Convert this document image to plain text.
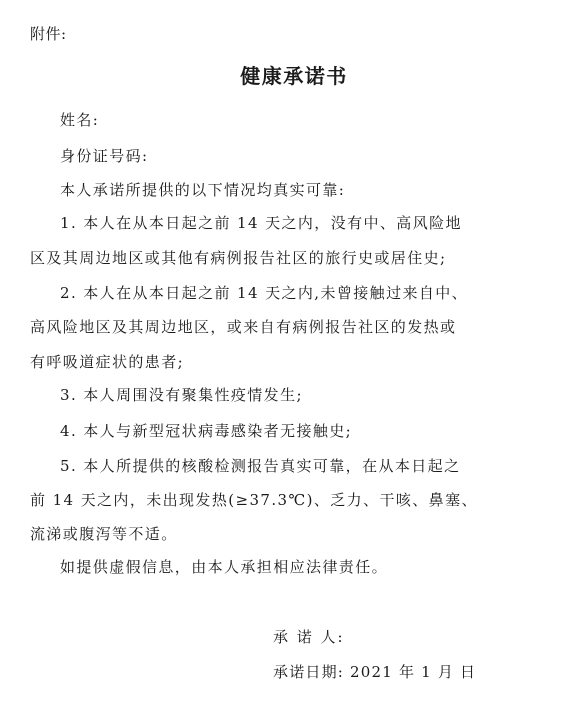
附件:
健康承诺书
姓名:
身份证号码:
本人承诺所提供的以下情况均真实可靠:
1. 本人在从本日起之前 14 天之内，没有中、高风险地
区及其周边地区或其他有病例报告社区的旅行史或居住史;
2. 本人在从本日起之前 14 天之内,未曾接触过来自中、
高风险地区及其周边地区，或来自有病例报告社区的发热或
有呼吸道症状的患者;
3. 本人周围没有聚集性疫情发生;
4. 本人与新型冠状病毒感染者无接触史;
5. 本人所提供的核酸检测报告真实可靠，在从本日起之
前 14 天之内，未出现发热(≥37.3℃)、乏力、干咳、鼻塞、
流涕或腹泻等不适。
如提供虚假信息，由本人承担相应法律责任。
承 诺 人:
承诺日期: 2021 年 1 月 日
